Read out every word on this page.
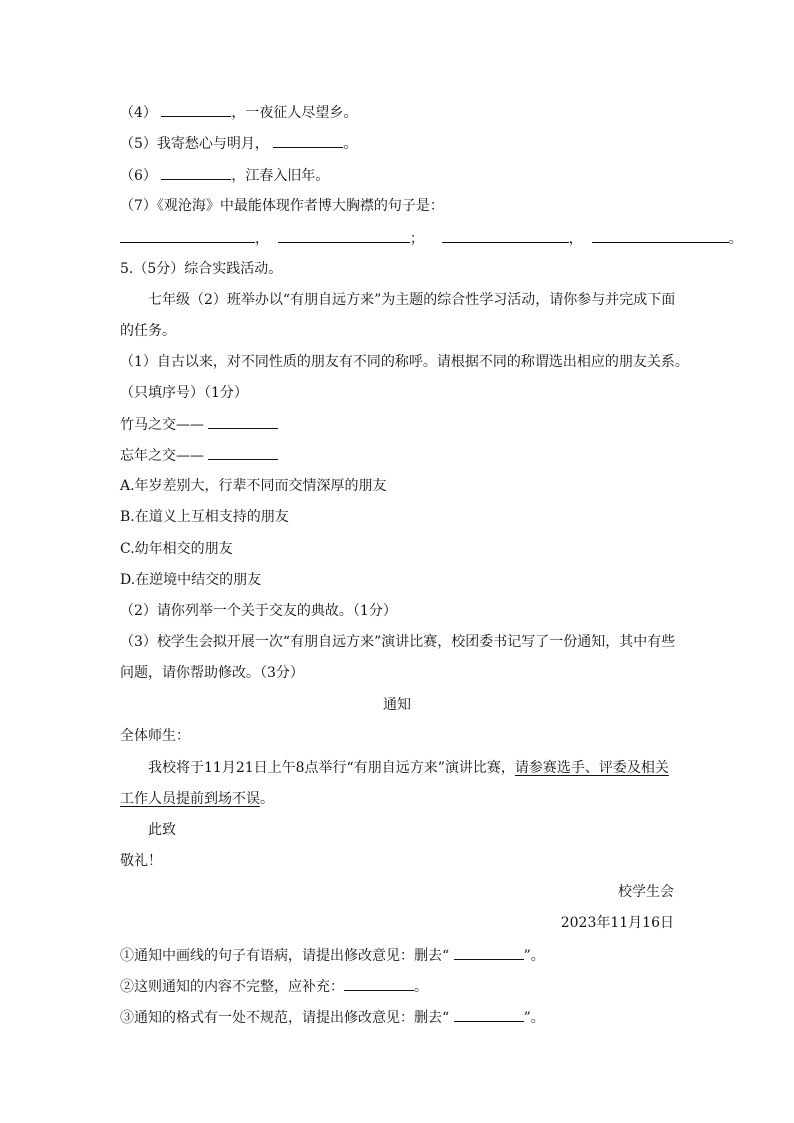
（4）	，一夜征人尽望乡。
（5）我寄愁心与明月，	。
（6）	，江春入旧年。
（7）《观沧海》中最能体现作者博大胸襟的句子是：
，	；	，	。
5.（5分）综合实践活动。
七年级（2）班举办以“有朋自远方来”为主题的综合性学习活动，请你参与并完成下面
的任务。
（1）自古以来，对不同性质的朋友有不同的称呼。请根据不同的称谓选出相应的朋友关系。
（只填序号）（1分）
竹马之交——
忘年之交——
A.年岁差别大，行辈不同而交情深厚的朋友
B.在道义上互相支持的朋友
C.幼年相交的朋友
D.在逆境中结交的朋友
（2）请你列举一个关于交友的典故。（1分）
（3）校学生会拟开展一次“有朋自远方来”演讲比赛，校团委书记写了一份通知，其中有些
问题，请你帮助修改。（3分）
通知
全体师生：
我校将于11月21日上午8点举行“有朋自远方来”演讲比赛，请参赛选手、评委及相关
工作人员提前到场不误。
此致
敬礼！
校学生会
2023年11月16日
①通知中画线的句子有语病，请提出修改意见：删去“	”。
②这则通知的内容不完整，应补充：	。
③通知的格式有一处不规范，请提出修改意见：删去“	”。
